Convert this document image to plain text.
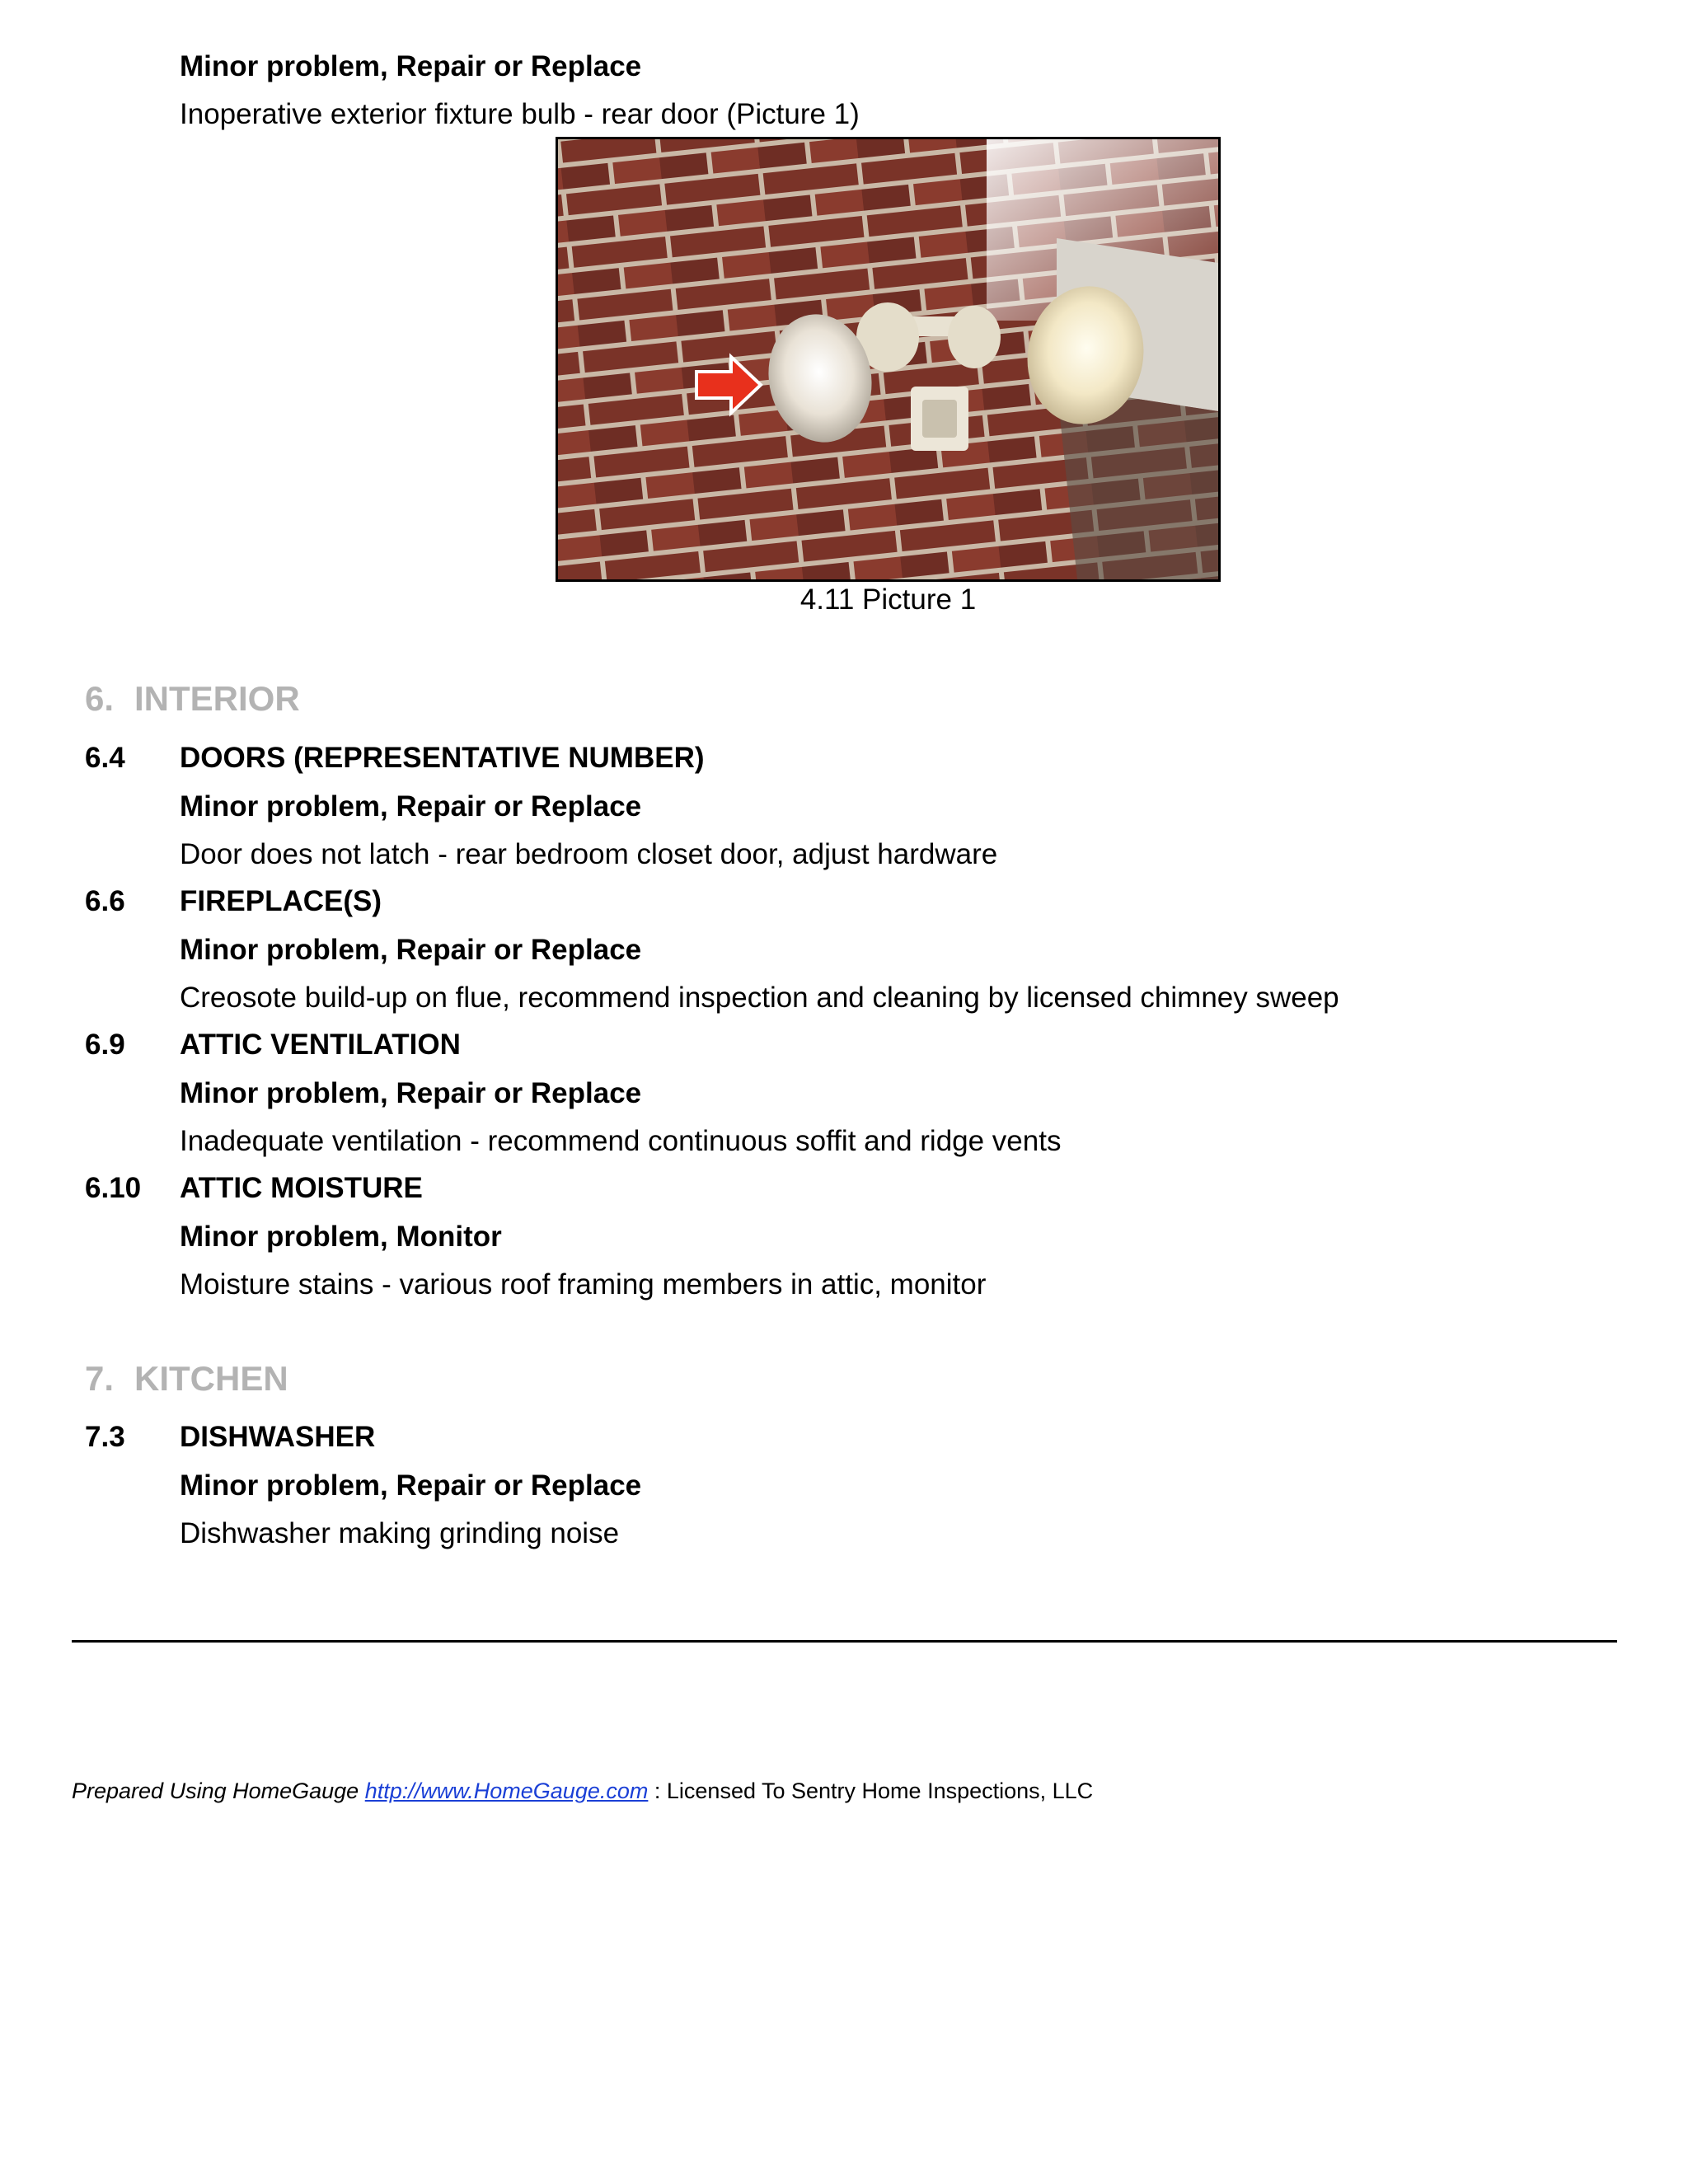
Minor problem, Repair or Replace
Inoperative exterior fixture bulb - rear door (Picture 1)
4.11 Picture 1
6. INTERIOR
6.4 DOORS (REPRESENTATIVE NUMBER)
Minor problem, Repair or Replace
Door does not latch - rear bedroom closet door, adjust hardware
6.6 FIREPLACE(S)
Minor problem, Repair or Replace
Creosote build-up on flue, recommend inspection and cleaning by licensed chimney sweep
6.9 ATTIC VENTILATION
Minor problem, Repair or Replace
Inadequate ventilation - recommend continuous soffit and ridge vents
6.10 ATTIC MOISTURE
Minor problem, Monitor
Moisture stains - various roof framing members in attic, monitor
7. KITCHEN
7.3 DISHWASHER
Minor problem, Repair or Replace
Dishwasher making grinding noise
Prepared Using HomeGauge http://www.HomeGauge.com : Licensed To Sentry Home Inspections, LLC
